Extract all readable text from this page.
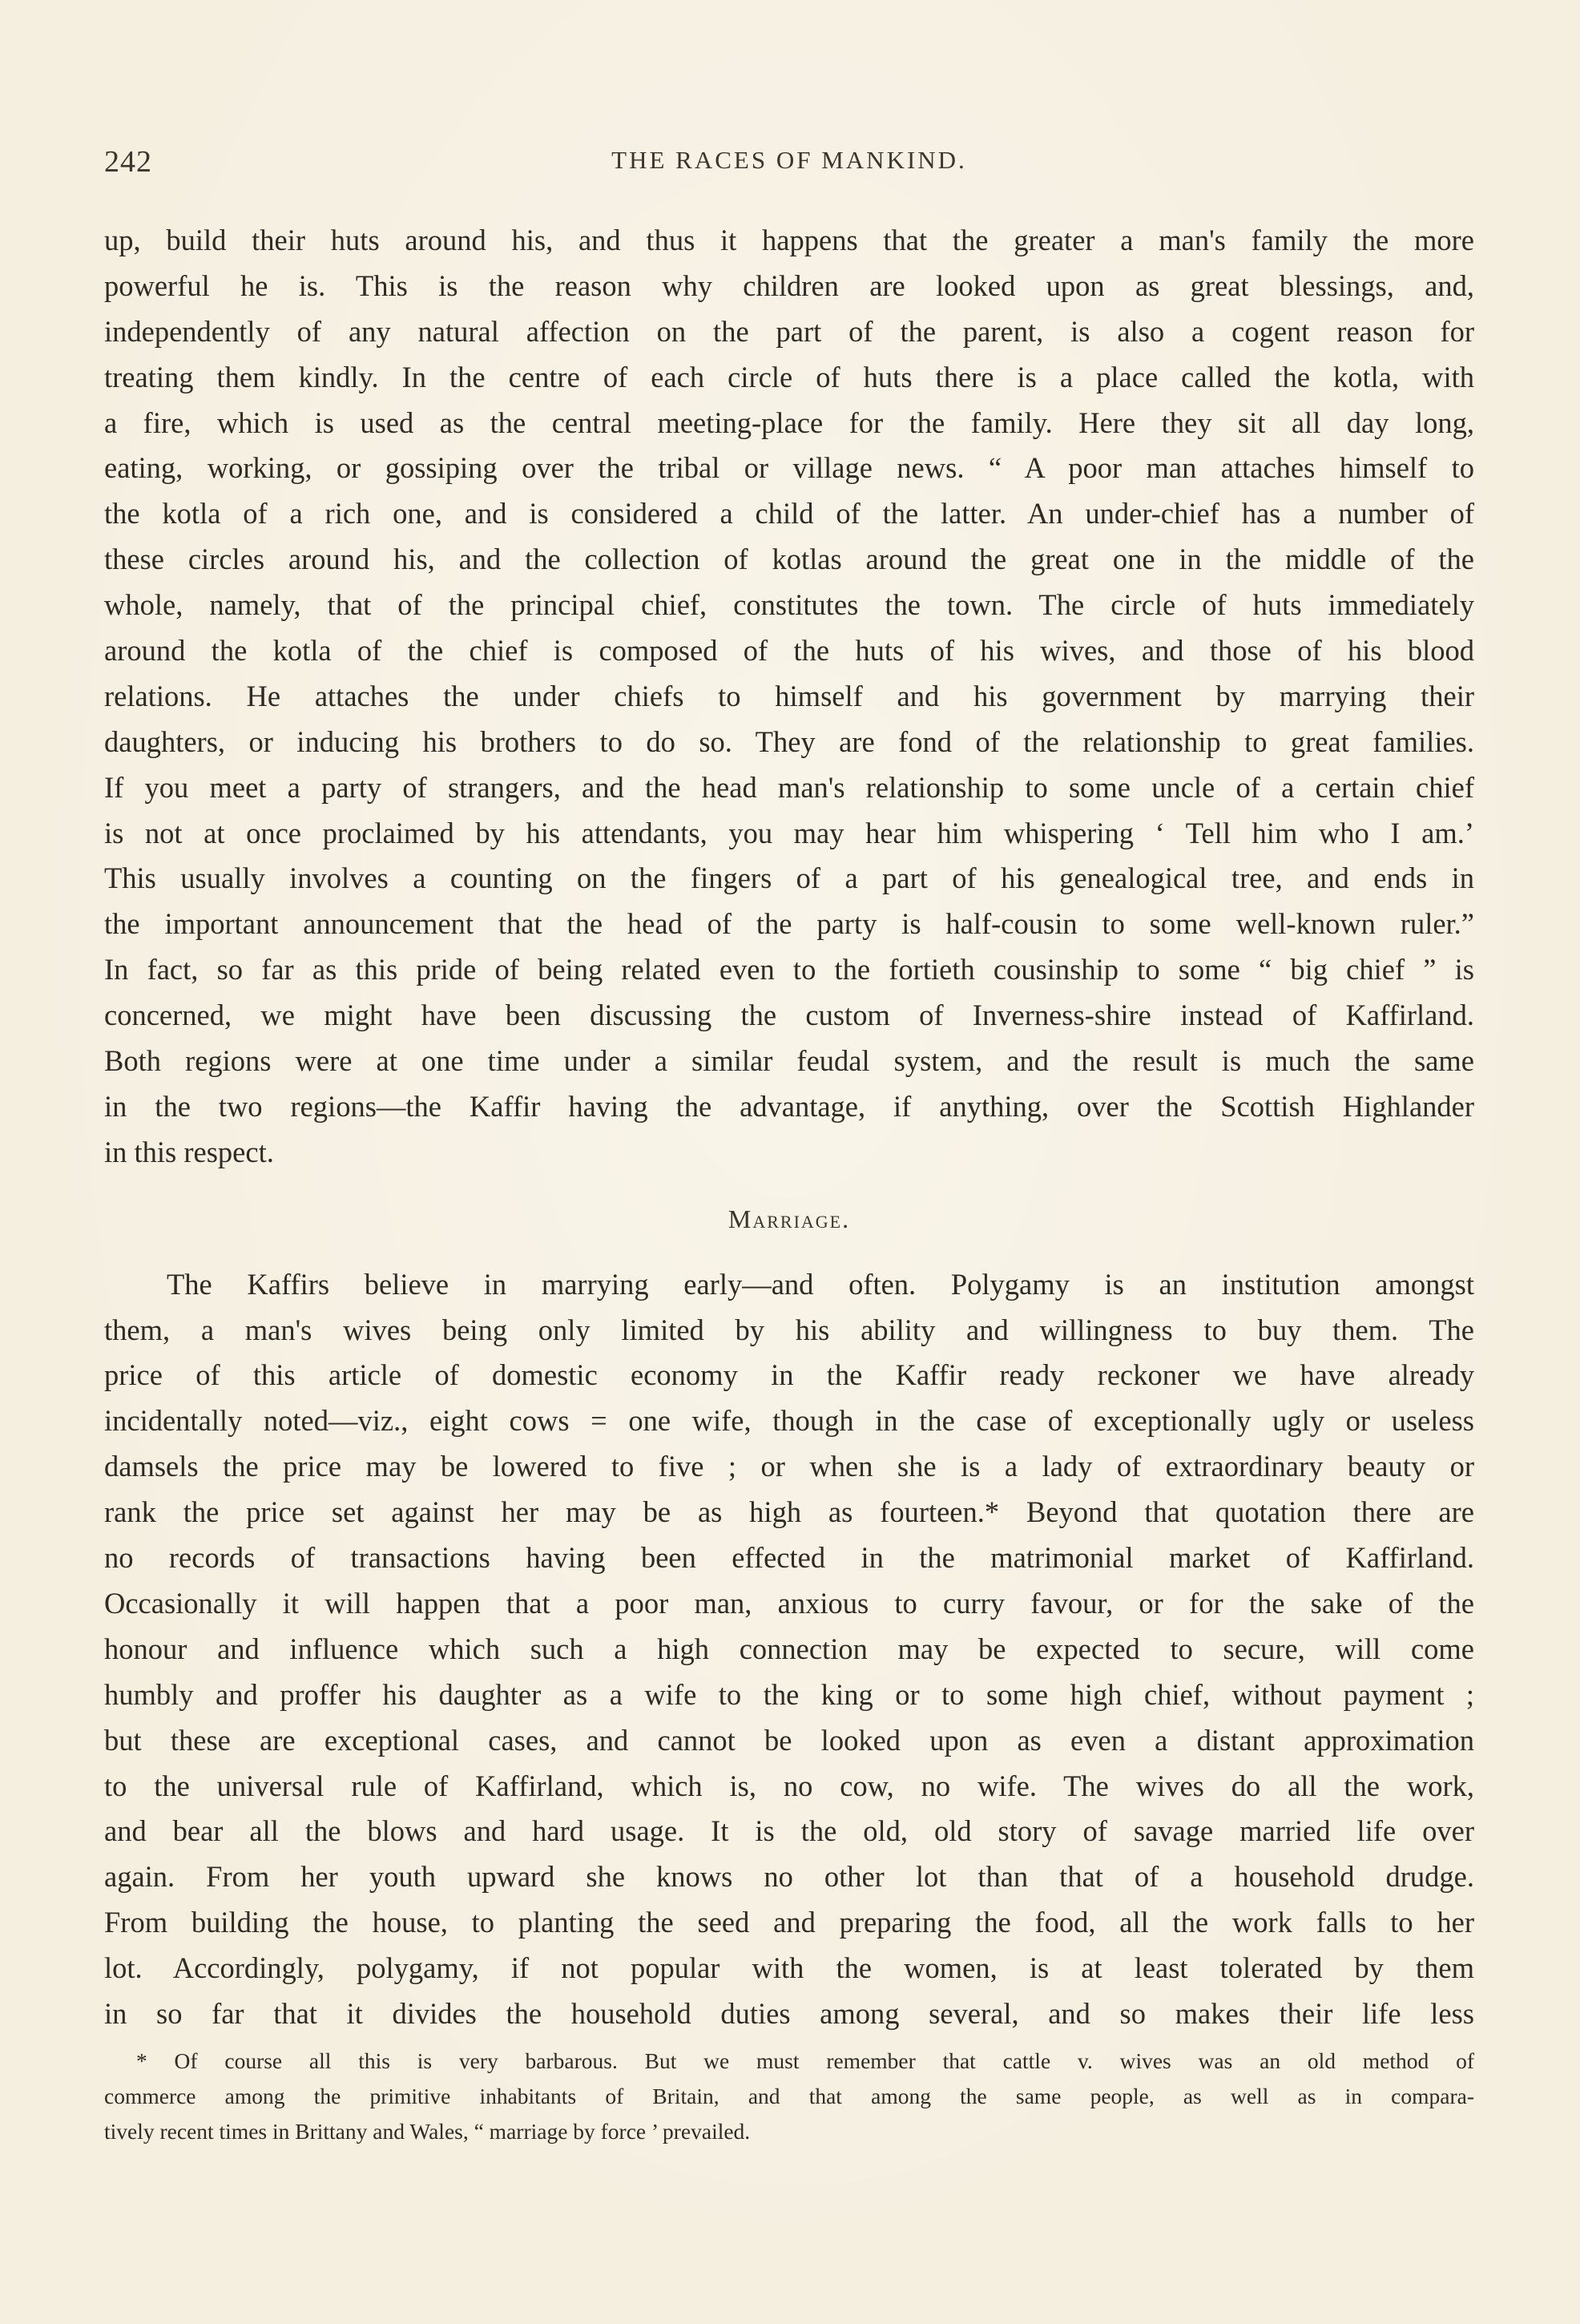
242	THE RACES OF MANKIND.
up, build their huts around his, and thus it happens that the greater a man's family the more
powerful he is. This is the reason why children are looked upon as great blessings, and,
independently of any natural affection on the part of the parent, is also a cogent reason for
treating them kindly. In the centre of each circle of huts there is a place called the kotla, with
a fire, which is used as the central meeting-place for the family. Here they sit all day long,
eating, working, or gossiping over the tribal or village news. “ A poor man attaches himself to
the kotla of a rich one, and is considered a child of the latter. An under-chief has a number of
these circles around his, and the collection of kotlas around the great one in the middle of the
whole, namely, that of the principal chief, constitutes the town. The circle of huts immediately
around the kotla of the chief is composed of the huts of his wives, and those of his blood
relations. He attaches the under chiefs to himself and his government by marrying their
daughters, or inducing his brothers to do so. They are fond of the relationship to great families.
If you meet a party of strangers, and the head man's relationship to some uncle of a certain chief
is not at once proclaimed by his attendants, you may hear him whispering ‘ Tell him who I am.’
This usually involves a counting on the fingers of a part of his genealogical tree, and ends in
the important announcement that the head of the party is half-cousin to some well-known ruler.”
In fact, so far as this pride of being related even to the fortieth cousinship to some “ big chief ” is
concerned, we might have been discussing the custom of Inverness-shire instead of Kaffirland.
Both regions were at one time under a similar feudal system, and the result is much the same
in the two regions—the Kaffir having the advantage, if anything, over the Scottish Highlander
in this respect.
Marriage.
The Kaffirs believe in marrying early—and often. Polygamy is an institution amongst
them, a man's wives being only limited by his ability and willingness to buy them. The
price of this article of domestic economy in the Kaffir ready reckoner we have already
incidentally noted—viz., eight cows = one wife, though in the case of exceptionally ugly or useless
damsels the price may be lowered to five ; or when she is a lady of extraordinary beauty or
rank the price set against her may be as high as fourteen.* Beyond that quotation there are
no records of transactions having been effected in the matrimonial market of Kaffirland.
Occasionally it will happen that a poor man, anxious to curry favour, or for the sake of the
honour and influence which such a high connection may be expected to secure, will come
humbly and proffer his daughter as a wife to the king or to some high chief, without payment ;
but these are exceptional cases, and cannot be looked upon as even a distant approximation
to the universal rule of Kaffirland, which is, no cow, no wife. The wives do all the work,
and bear all the blows and hard usage. It is the old, old story of savage married life over
again. From her youth upward she knows no other lot than that of a household drudge.
From building the house, to planting the seed and preparing the food, all the work falls to her
lot. Accordingly, polygamy, if not popular with the women, is at least tolerated by them
in so far that it divides the household duties among several, and so makes their life less
* Of course all this is very barbarous. But we must remember that cattle v. wives was an old method of
commerce among the primitive inhabitants of Britain, and that among the same people, as well as in compara-
tively recent times in Brittany and Wales, “ marriage by force ’ prevailed.
